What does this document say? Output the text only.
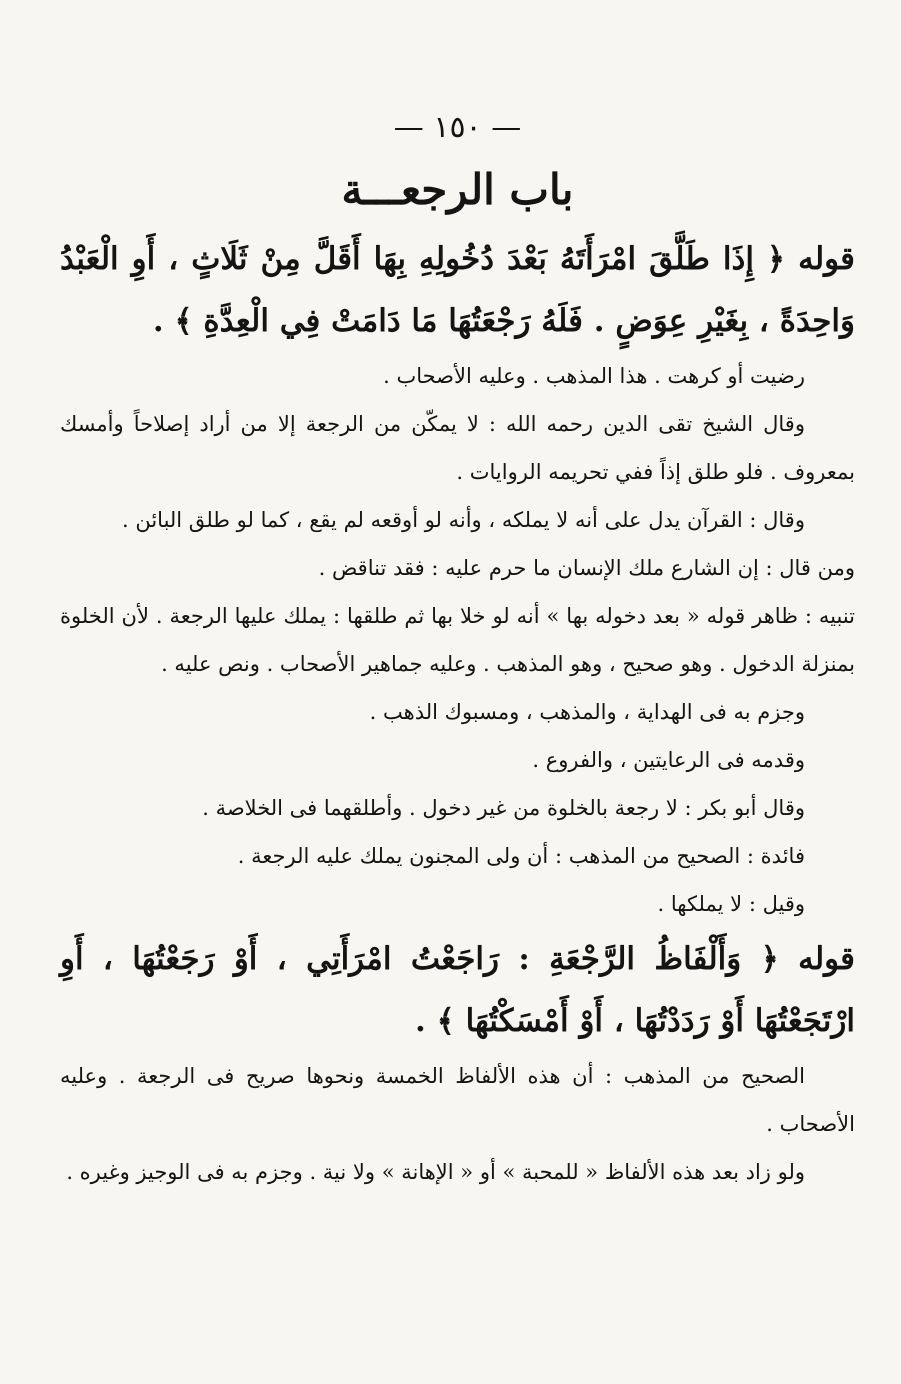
— ١٥٠ —
باب الرجعـــة
قوله ﴿ إِذَا طَلَّقَ امْرَأَتَهُ بَعْدَ دُخُولِهِ بِهَا أَقَلَّ مِنْ ثَلَاثٍ ، أَوِ الْعَبْدُ وَاحِدَةً ، بِغَيْرِ عِوَضٍ . فَلَهُ رَجْعَتُهَا مَا دَامَتْ فِي الْعِدَّةِ ﴾ .

رضيت أو كرهت . هذا المذهب . وعليه الأصحاب .

وقال الشيخ تقى الدين رحمه الله : لا يمكّن من الرجعة إلا من أراد إصلاحاً وأمسك بمعروف . فلو طلق إذاً ففي تحريمه الروايات .

وقال : القرآن يدل على أنه لا يملكه ، وأنه لو أوقعه لم يقع ، كما لو طلق البائن .

ومن قال : إن الشارع ملك الإنسان ما حرم عليه : فقد تناقض .

تنبيه : ظاهر قوله « بعد دخوله بها » أنه لو خلا بها ثم طلقها : يملك عليها الرجعة . لأن الخلوة بمنزلة الدخول . وهو صحيح ، وهو المذهب . وعليه جماهير الأصحاب . ونص عليه .

وجزم به فى الهداية ، والمذهب ، ومسبوك الذهب .

وقدمه فى الرعايتين ، والفروع .

وقال أبو بكر : لا رجعة بالخلوة من غير دخول . وأطلقهما فى الخلاصة .

فائدة : الصحيح من المذهب : أن ولى المجنون يملك عليه الرجعة .

وقيل : لا يملكها .

قوله ﴿ وَأَلْفَاظُ الرَّجْعَةِ : رَاجَعْتُ امْرَأَتِي ، أَوْ رَجَعْتُهَا ، أَوِ ارْتَجَعْتُهَا أَوْ رَدَدْتُهَا ، أَوْ أَمْسَكْتُهَا ﴾ .

الصحيح من المذهب : أن هذه الألفاظ الخمسة ونحوها صريح فى الرجعة . وعليه الأصحاب .

ولو زاد بعد هذه الألفاظ « للمحبة » أو « الإهانة » ولا نية . وجزم به فى الوجيز وغيره .
